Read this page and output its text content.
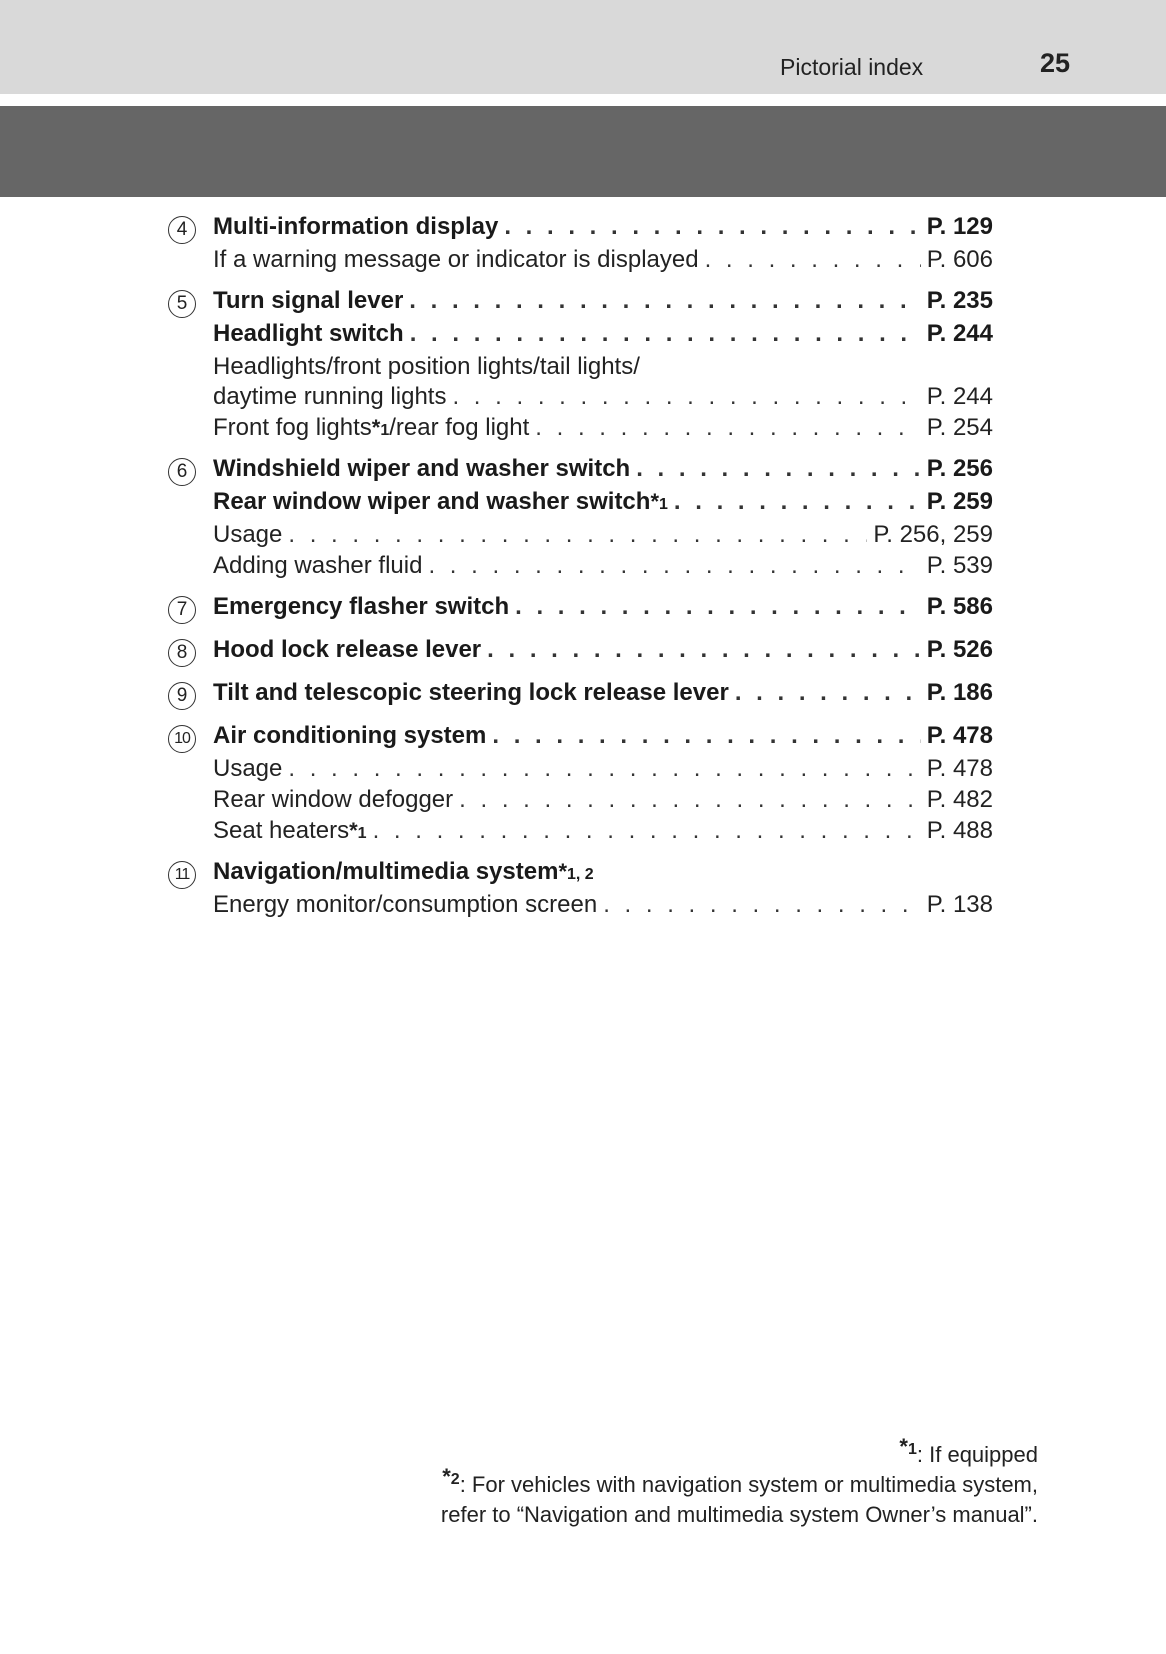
Pictorial index	25
4	Multi-information display . . .	P. 129
If a warning message or indicator is displayed . . .	P. 606
5	Turn signal lever . . .	P. 235
Headlight switch . . .	P. 244
Headlights/front position lights/tail lights/
daytime running lights . . .	P. 244
Front fog lights *1 /rear fog light . . .	P. 254
6	Windshield wiper and washer switch . . .	P. 256
Rear window wiper and washer switch *1 . . .	P. 259
Usage . . .	P. 256, 259
Adding washer fluid . . .	P. 539
7	Emergency flasher switch . . .	P. 586
8	Hood lock release lever . . .	P. 526
9	Tilt and telescopic steering lock release lever . . .	P. 186
10 Air conditioning system . . .	P. 478
Usage . . .	P. 478
Rear window defogger . . .	P. 482
Seat heaters *1 . . .	P. 488
11 Navigation/multimedia system *1, 2
Energy monitor/consumption screen . . .	P. 138
$^{*1}$: If equipped
$^{*2}$: For vehicles with navigation system or multimedia system,
refer to “Navigation and multimedia system Owner’s manual”.
